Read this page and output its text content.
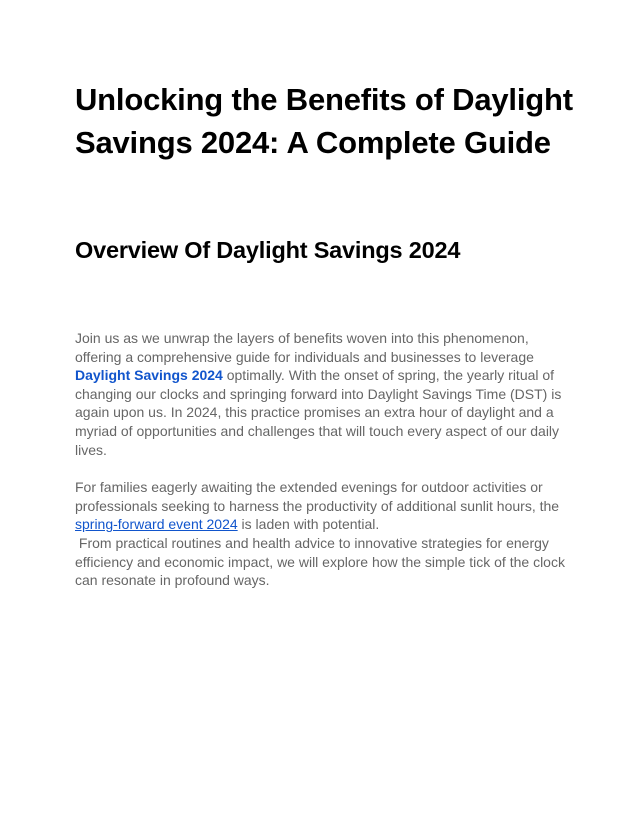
Unlocking the Benefits of Daylight Savings 2024: A Complete Guide
Overview Of Daylight Savings 2024

Join us as we unwrap the layers of benefits woven into this phenomenon, offering a comprehensive guide for individuals and businesses to leverage Daylight Savings 2024 optimally. With the onset of spring, the yearly ritual of changing our clocks and springing forward into Daylight Savings Time (DST) is again upon us. In 2024, this practice promises an extra hour of daylight and a myriad of opportunities and challenges that will touch every aspect of our daily lives.

For families eagerly awaiting the extended evenings for outdoor activities or professionals seeking to harness the productivity of additional sunlit hours, the spring-forward event 2024 is laden with potential.

From practical routines and health advice to innovative strategies for energy efficiency and economic impact, we will explore how the simple tick of the clock can resonate in profound ways.
